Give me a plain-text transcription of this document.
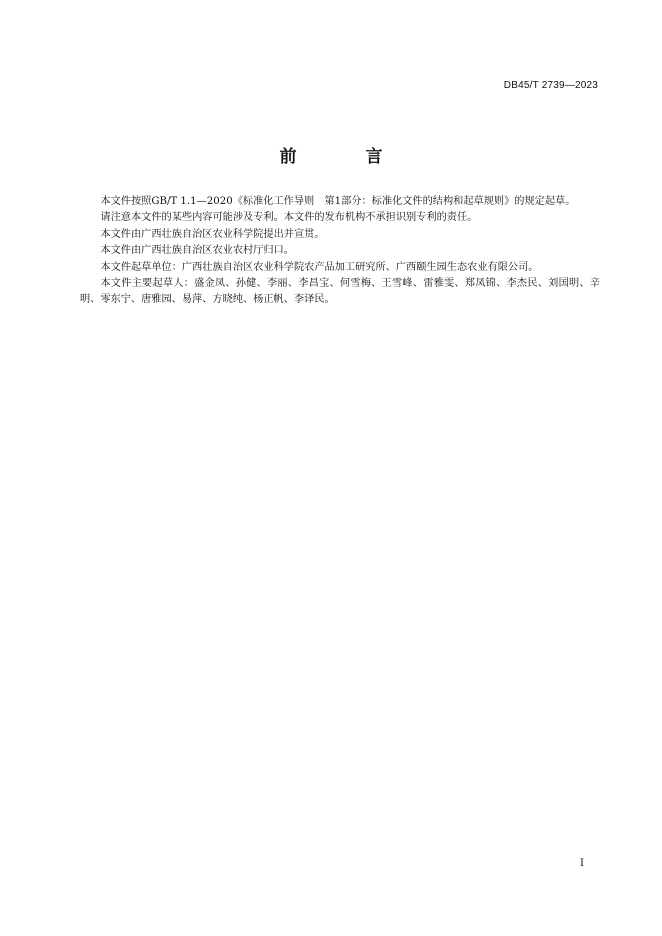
DB45/T 2739—2023
前　言

本文件按照GB/T 1.1—2020《标准化工作导则　第1部分：标准化文件的结构和起草规则》的规定起草。

请注意本文件的某些内容可能涉及专利。本文件的发布机构不承担识别专利的责任。

本文件由广西壮族自治区农业科学院提出并宣贯。

本文件由广西壮族自治区农业农村厅归口。

本文件起草单位：广西壮族自治区农业科学院农产品加工研究所、广西颐生园生态农业有限公司。

本文件主要起草人：盛金凤、孙健、李丽、李昌宝、何雪梅、王雪峰、雷雅雯、郑凤锦、李杰民、刘国明、辛明、零东宁、唐雅园、易萍、方晓纯、杨正帆、李译民。

I
